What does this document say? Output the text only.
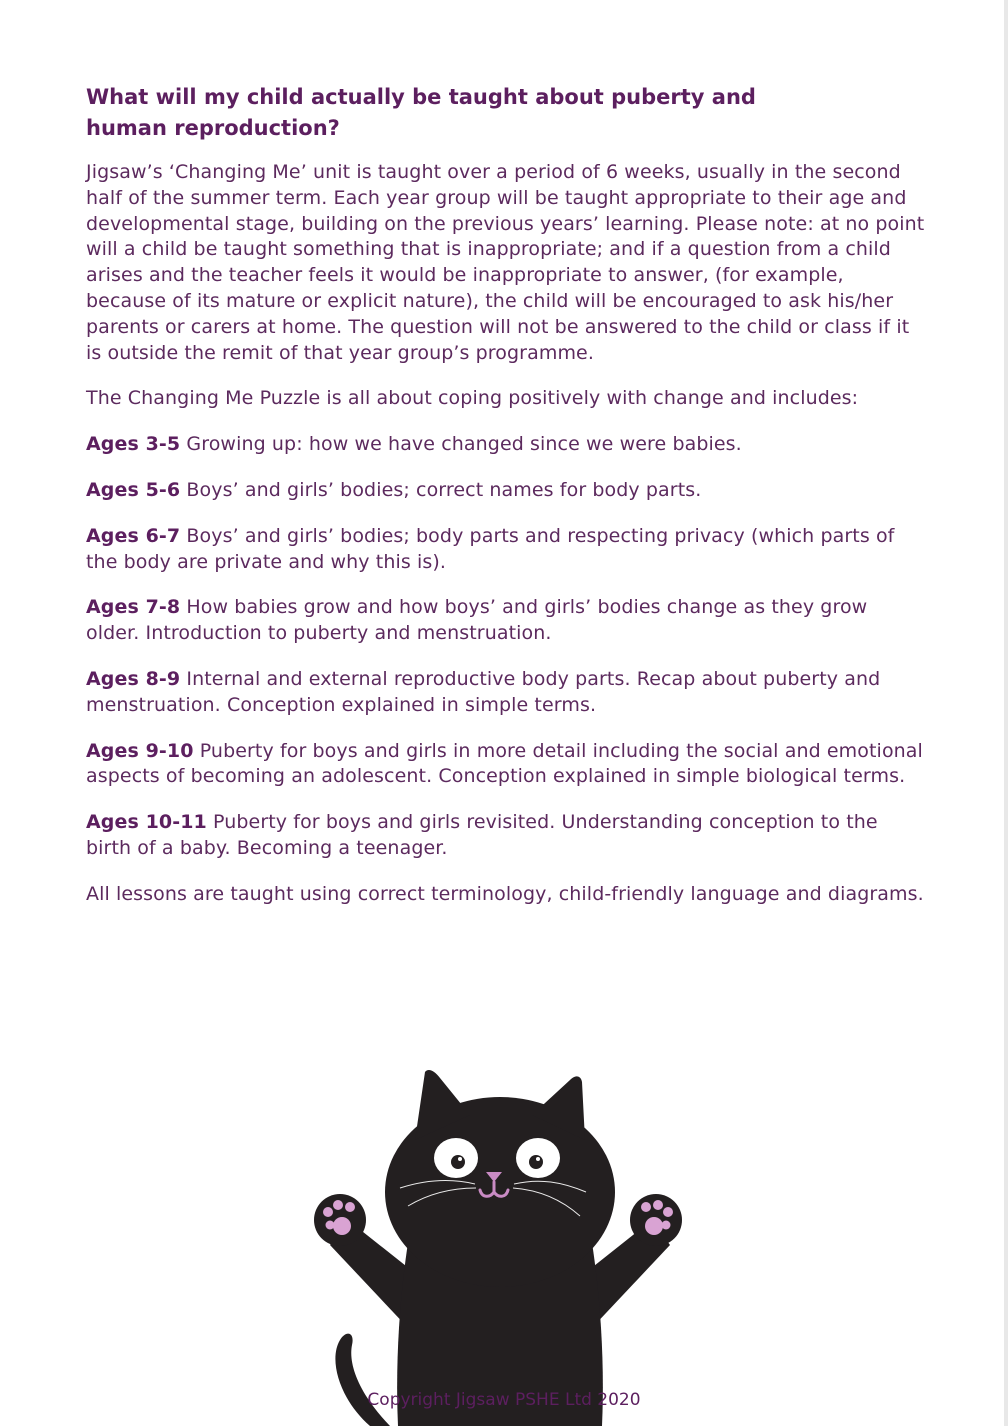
What will my child actually be taught about puberty and human reproduction?

Jigsaw’s ‘Changing Me’ unit is taught over a period of 6 weeks, usually in the second half of the summer term. Each year group will be taught appropriate to their age and developmental stage, building on the previous years’ learning. Please note: at no point will a child be taught something that is inappropriate; and if a question from a child arises and the teacher feels it would be inappropriate to answer, (for example, because of its mature or explicit nature), the child will be encouraged to ask his/her parents or carers at home. The question will not be answered to the child or class if it is outside the remit of that year group’s programme.

The Changing Me Puzzle is all about coping positively with change and includes:

Ages 3-5 Growing up: how we have changed since we were babies.

Ages 5-6 Boys’ and girls’ bodies; correct names for body parts.

Ages 6-7 Boys’ and girls’ bodies; body parts and respecting privacy (which parts of the body are private and why this is).

Ages 7-8 How babies grow and how boys’ and girls’ bodies change as they grow older. Introduction to puberty and menstruation.

Ages 8-9 Internal and external reproductive body parts. Recap about puberty and menstruation. Conception explained in simple terms.

Ages 9-10 Puberty for boys and girls in more detail including the social and emotional aspects of becoming an adolescent. Conception explained in simple biological terms.

Ages 10-11 Puberty for boys and girls revisited. Understanding conception to the birth of a baby. Becoming a teenager.

All lessons are taught using correct terminology, child-friendly language and diagrams.

Copyright Jigsaw PSHE Ltd 2020
